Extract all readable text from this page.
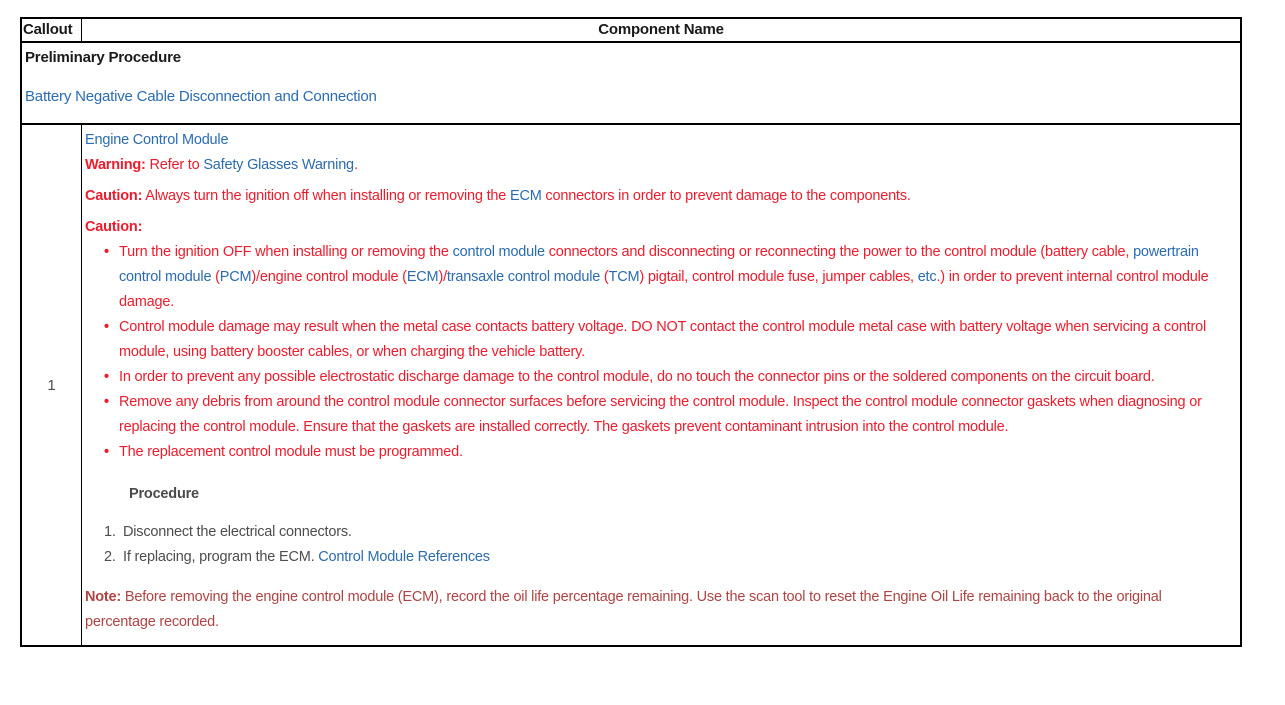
Callout	Component Name
Preliminary Procedure
Battery Negative Cable Disconnection and Connection
1
Engine Control Module
Warning: Refer to Safety Glasses Warning.
Caution: Always turn the ignition off when installing or removing the ECM connectors in order to prevent damage to the components.
Caution:
• Turn the ignition OFF when installing or removing the control module connectors and disconnecting or reconnecting the power to the control module (battery cable, powertrain control module (PCM)/engine control module (ECM)/transaxle control module (TCM) pigtail, control module fuse, jumper cables, etc.) in order to prevent internal control module damage.
• Control module damage may result when the metal case contacts battery voltage. DO NOT contact the control module metal case with battery voltage when servicing a control module, using battery booster cables, or when charging the vehicle battery.
• In order to prevent any possible electrostatic discharge damage to the control module, do no touch the connector pins or the soldered components on the circuit board.
• Remove any debris from around the control module connector surfaces before servicing the control module. Inspect the control module connector gaskets when diagnosing or replacing the control module. Ensure that the gaskets are installed correctly. The gaskets prevent contaminant intrusion into the control module.
• The replacement control module must be programmed.
Procedure
1. Disconnect the electrical connectors.
2. If replacing, program the ECM. Control Module References
Note: Before removing the engine control module (ECM), record the oil life percentage remaining. Use the scan tool to reset the Engine Oil Life remaining back to the original percentage recorded.
